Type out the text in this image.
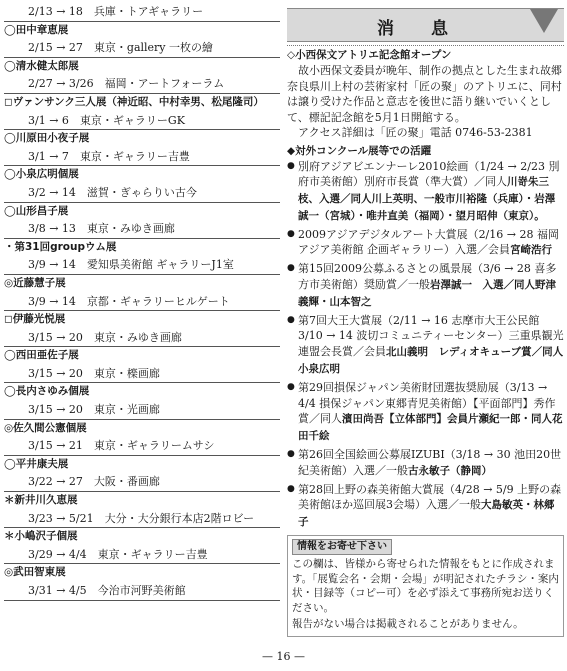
2/13 → 18　兵庫・トアギャラリー
◯田中章恵展
2/15 → 27　東京・gallery 一枚の繪
◯清水健太郎展
2/27 → 3/26　福岡・アートフォーラム
◻ヴァンサンク三人展（神近昭、中村幸男、松尾隆司）
3/1 → 6　東京・ギャラリーGK
◯川原田小夜子展
3/1 → 7　東京・ギャラリー吉豊
◯小泉広明個展
3/2 → 14　滋賀・ぎゃらりい古今
◯山形昌子展
3/8 → 13　東京・みゆき画廊
・第31回groupウム展
3/9 → 14　愛知県美術館 ギャラリーJ1室
◎近藤慧子展
3/9 → 14　京都・ギャラリーヒルゲート
◻伊藤光悦展
3/15 → 20　東京・みゆき画廊
◯西田亜佐子展
3/15 → 20　東京・檪画廊
◯長内さゆみ個展
3/15 → 20　東京・光画廊
◎佐久間公憲個展
3/15 → 21　東京・ギャラリームサシ
◯平井康夫展
3/22 → 27　大阪・番画廊
＊新井川久恵展
3/23 → 5/21　大分・大分銀行本店2階ロビー
＊小嶋沢子個展
3/29 → 4/4　東京・ギャラリー吉豊
◎武田智東展
3/31 → 4/5　今治市河野美術館
消　息
◇小西保文アトリエ記念館オープン

故小西保文委員が晩年、制作の拠点とした生まれ故郷奈良県川上村の芸術家村「匠の聚」のアトリエに、同村は譲り受けた作品と意志を後世に語り継いでいくとして、標記記念館を5月1日開館する。

アクセス詳細は「匠の聚」電話 0746-53-2381

◆対外コンクール展等での活躍
● 別府アジアビエンナーレ2010絵画（1/24 → 2/23 別府市美術館）別府市長賞（準大賞）／同人川嵜朱三枝、入選／同人川上英明、一般市川裕隆（兵庫）・岩澤誠一（宮城）・唯井直美（福岡）・望月昭伸（東京）。
● 2009アジアデジタルアート大賞展（2/16 → 28 福岡アジア美術館 企画ギャラリー）入選／会員宮崎浩行
● 第15回2009公募ふるさとの風景展（3/6 → 28 喜多方市美術館）奨励賞／一般岩澤誠一　入選／同人野津義輝・山本智之
● 第7回大王大賞展（2/11 → 16 志摩市大王公民館 3/10 → 14 波切コミュニティーセンター）三重県観光連盟会長賞／会員北山義明　レディオキューブ賞／同人小泉広明
● 第29回損保ジャパン美術財団選抜奨励展（3/13 → 4/4 損保ジャパン東郷青児美術館）【平面部門】秀作賞／同人濱田尚吾【立体部門】会員片瀬紀一郎・同人花田千絵
● 第26回全国絵画公募展IZUBI（3/18 → 30 池田20世紀美術館）入選／一般古永敏子（静岡）
● 第28回上野の森美術館大賞展（4/28 → 5/9 上野の森美術館ほか巡回展3会場）入選／一般大島敏英・林郷子
情報をお寄せ下さい

この欄は、皆様から寄せられた情報をもとに作成されます。「展覧会名・会期・会場」が明記されたチラシ・案内状・目録等（コピー可）を必ず添えて事務所宛お送りください。

報告がない場合は掲載されることがありません。

— 16 —
